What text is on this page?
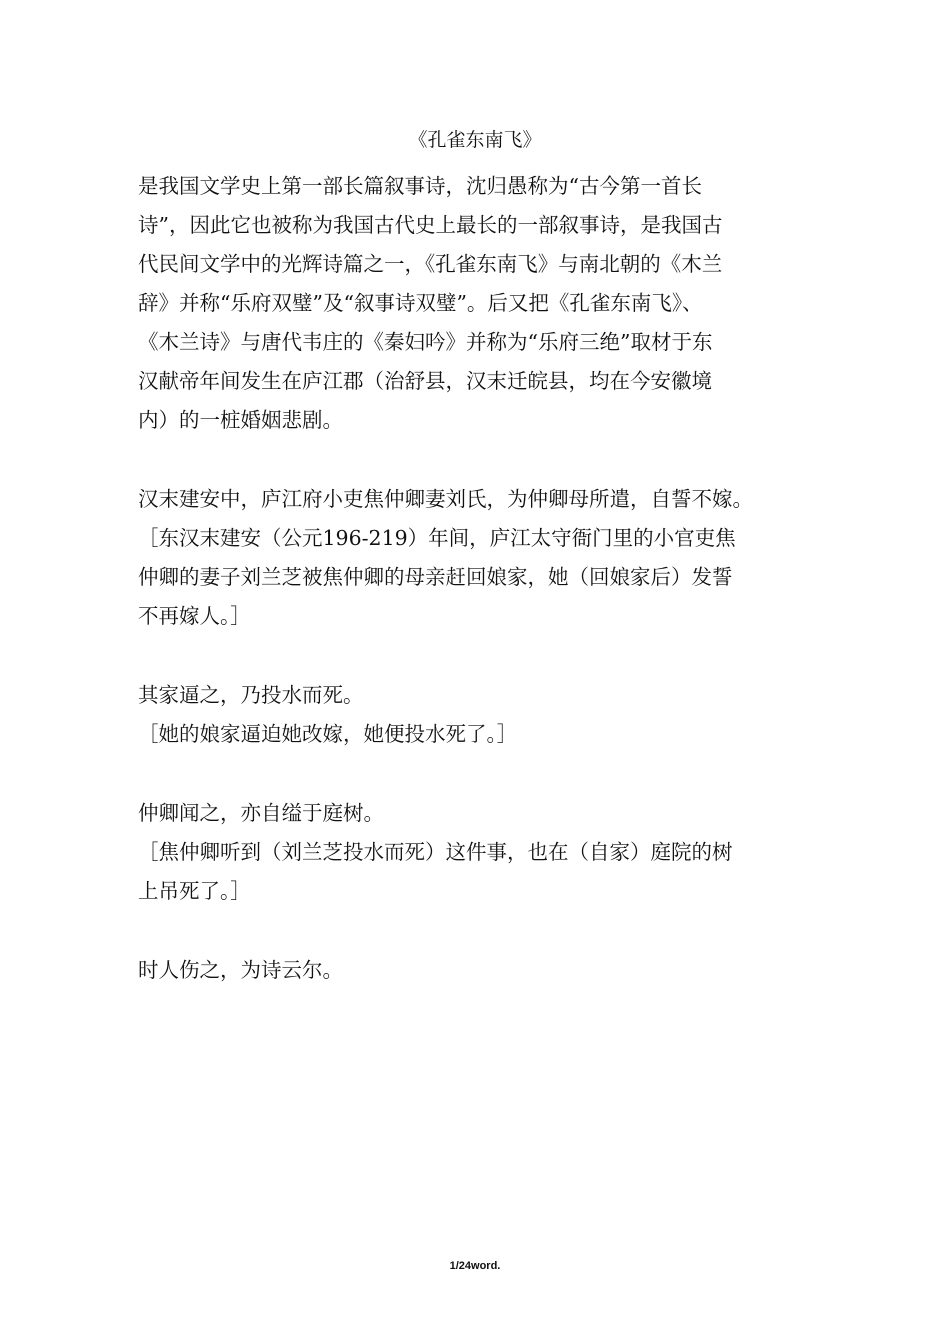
《孔雀东南飞》
是我国文学史上第一部长篇叙事诗，沈归愚称为“古今第一首长
诗”，因此它也被称为我国古代史上最长的一部叙事诗，是我国古
代民间文学中的光辉诗篇之一，《孔雀东南飞》与南北朝的《木兰
辞》并称“乐府双璧”及“叙事诗双璧”。后又把《孔雀东南飞》、
《木兰诗》与唐代韦庄的《秦妇吟》并称为“乐府三绝”取材于东
汉献帝年间发生在庐江郡（治舒县，汉末迁皖县，均在今安徽境
内）的一桩婚姻悲剧。
汉末建安中，庐江府小吏焦仲卿妻刘氏，为仲卿母所遣，自誓不嫁。
［东汉末建安（公元196-219）年间，庐江太守衙门里的小官吏焦
仲卿的妻子刘兰芝被焦仲卿的母亲赶回娘家，她（回娘家后）发誓
不再嫁人。］
其家逼之，乃投水而死。
［她的娘家逼迫她改嫁，她便投水死了。］
仲卿闻之，亦自缢于庭树。
［焦仲卿听到（刘兰芝投水而死）这件事，也在（自家）庭院的树
上吊死了。］
时人伤之，为诗云尔。
1/24word.
